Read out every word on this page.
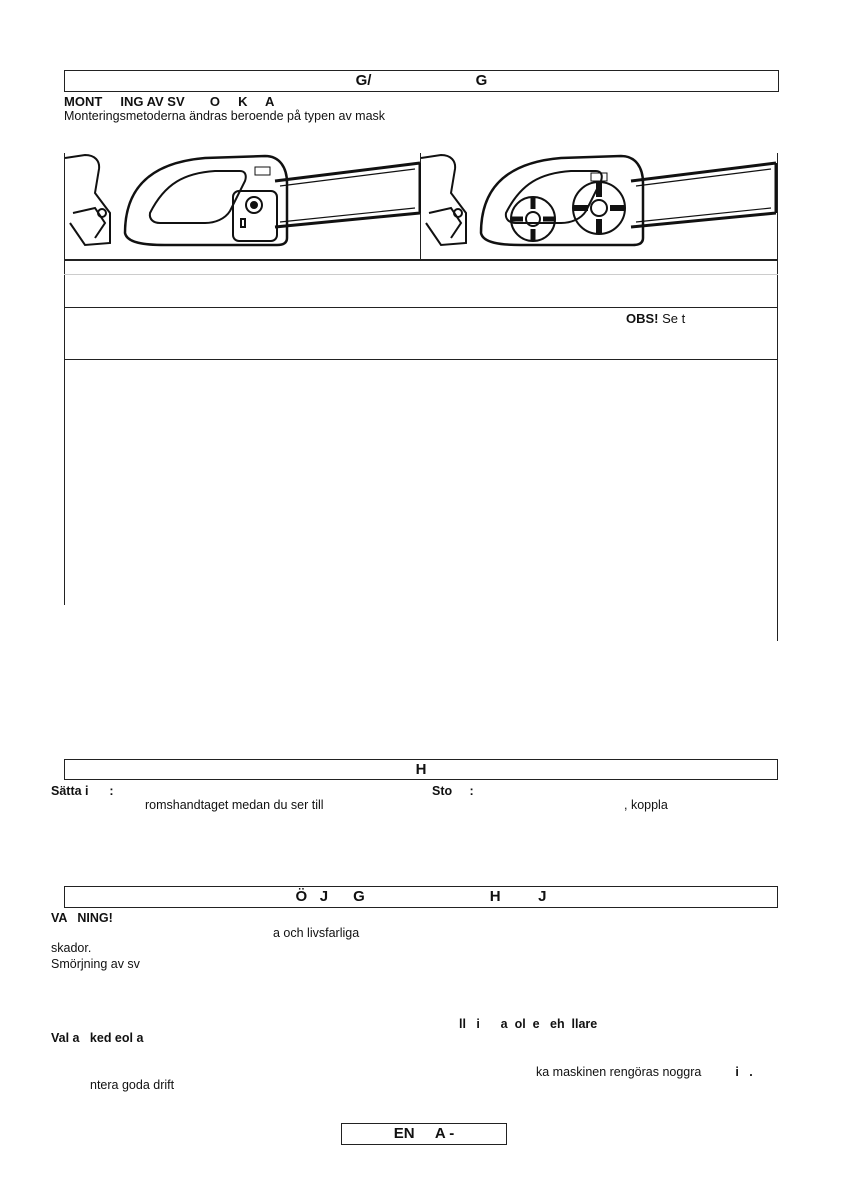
G/                         G
MONT     ING AV SV       O     K     A
Monteringsmetoderna ändras beroende på typen av mask
OBS! Se t
H
Sätta i      :
romshandtaget medan du ser till
Sto     :
, koppla
Ö   J      G                              H         J
VA   NING!
a och livsfarliga
skador.
Smörjning av sv
ll   i      a  ol  e   eh  llare
Val a   ked eol a
ka maskinen rengöras noggra	i   .
ntera goda drift
EN     A -
